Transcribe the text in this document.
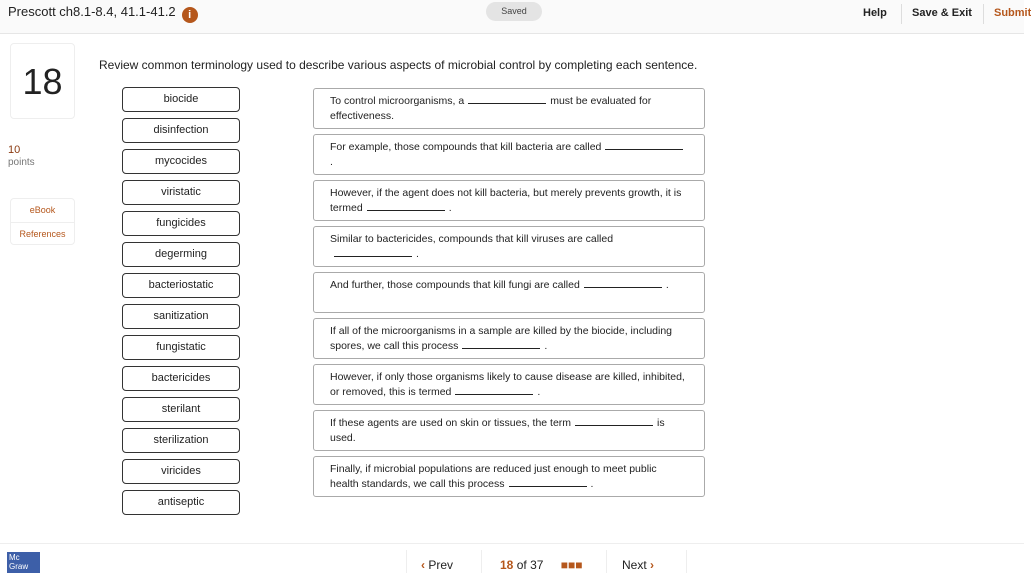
Prescott ch8.1-8.4, 41.1-41.2 i	Saved	Help Save & Exit Submit
18
10
points
eBook
References
Review common terminology used to describe various aspects of microbial control by completing each sentence.
biocide
disinfection
mycocides
viristatic
fungicides
degerming
bacteriostatic
sanitization
fungistatic
bactericides
sterilant
sterilization
viricides
antiseptic
To control microorganisms, a	must be evaluated for effectiveness.
For example, those compounds that kill bacteria are called.
However, if the agent does not kill bacteria, but merely prevents growth, it is termed	.
Similar to bactericides, compounds that kill viruses are called.
And further, those compounds that kill fungi are called	.
If all of the microorganisms in a sample are killed by the biocide, including spores, we call this process	.
However, if only those organisms likely to cause disease are killed, inhibited, or removed, this is termed	.
If these agents are used on skin or tissues, the term	is used.
Finally, if microbial populations are reduced just enough to meet public health standards, we call this process	.
Mc
Graw	‹ Prev	18 of 37 ■■■	Next ›
